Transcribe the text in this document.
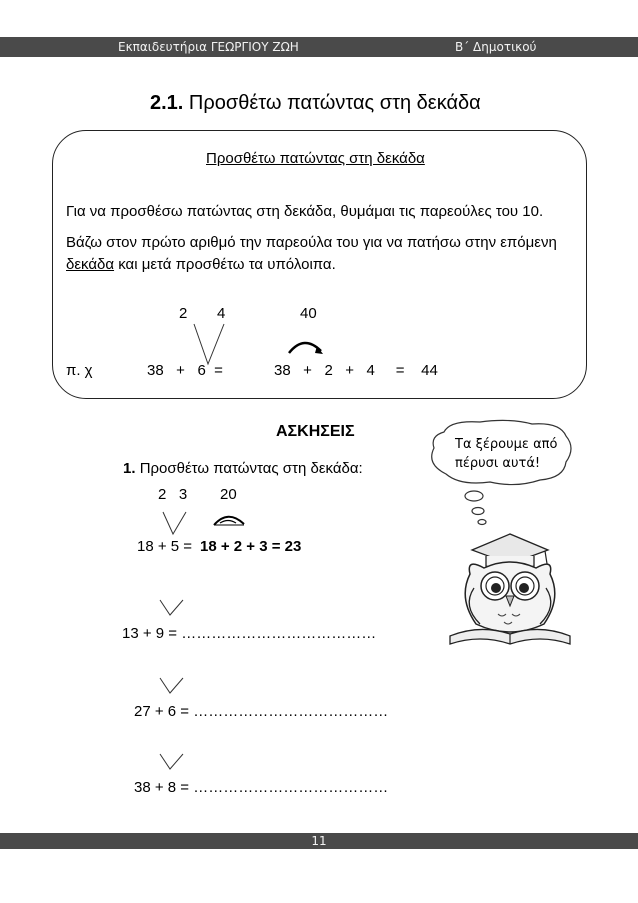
Εκπαιδευτήρια ΓΕΩΡΓΙΟΥ ΖΩΗ	Β΄ Δημοτικού
2.1. Προσθέτω πατώντας στη δεκάδα
Προσθέτω πατώντας στη δεκάδα
Για να προσθέσω πατώντας στη δεκάδα, θυμάμαι τις παρεούλες του 10.
Βάζω στον πρώτο αριθμό την παρεούλα του για να πατήσω στην επόμενη
δεκάδα και μετά προσθέτω τα υπόλοιπα.
2 4	40
π. χ	38   +   6  =	38   +   2   +   4     =    44
ΑΣΚΗΣΕΙΣ
1. Προσθέτω πατώντας στη δεκάδα:
2   3 20
18 + 5 = 18 + 2 + 3 = 23
13 + 9 = …………………………………
27 + 6 = …………………………………
38 + 8 = …………………………………
Τα ξέρουμε από
πέρυσι αυτά!
11
